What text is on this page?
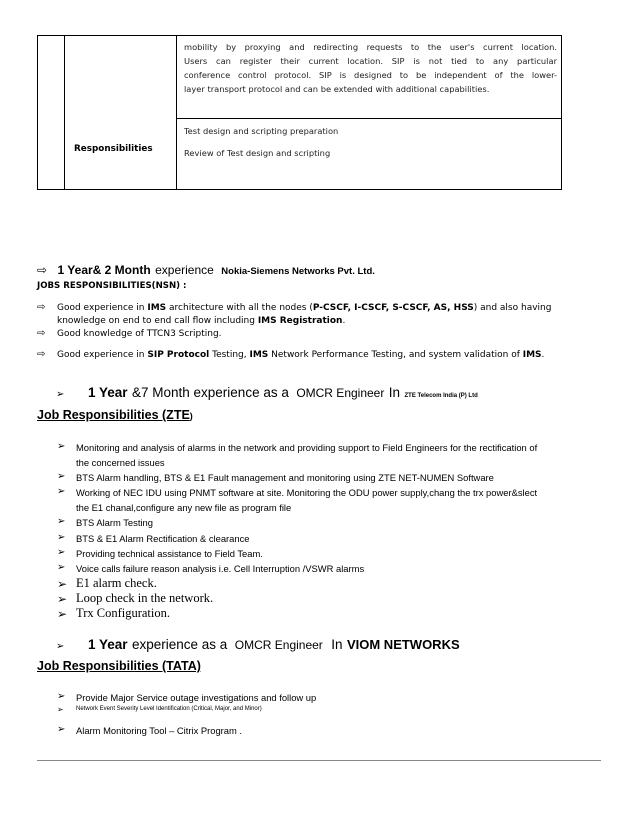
mobility by proxying and redirecting requests to the user's current location.
Users can register their current location. SIP is not tied to any particular
conference control protocol. SIP is designed to be independent of the lower-
layer transport protocol and can be extended with additional capabilities.
Responsibilities
Test design and scripting preparation
Review of Test design and scripting
⇨ 1 Year& 2 Month experience Nokia-Siemens Networks Pvt. Ltd.
JOBS RESPONSIBILITIES(NSN) :
⇨ Good experience in IMS architecture with all the nodes (P-CSCF, I-CSCF, S-CSCF, AS, HSS) and also having
knowledge on end to end call flow including IMS Registration.
⇨ Good knowledge of TTCN3 Scripting.
⇨ Good experience in SIP Protocol Testing, IMS Network Performance Testing, and system validation of IMS.
➢ 1 Year &7 Month experience as a OMCR Engineer In ZTE Telecom India (P) Ltd
Job Responsibilities (ZTE)
➢ Monitoring and analysis of alarms in the network and providing support to Field Engineers for the rectification of
the concerned issues
➢ BTS Alarm handling, BTS & E1 Fault management and monitoring using ZTE NET-NUMEN Software
➢ Working of NEC IDU using PNMT software at site. Monitoring the ODU power supply,chang the trx power&slect
the E1 chanal,configure any new file as program file
➢ BTS Alarm Testing
➢ BTS & E1 Alarm Rectification & clearance
➢ Providing technical assistance to Field Team.
➢ Voice calls failure reason analysis i.e. Cell Interruption /VSWR alarms
➢ E1 alarm check.
➢ Loop check in the network.
➢ Trx Configuration.
➢ 1 Year experience as a OMCR Engineer In VIOM NETWORKS
Job Responsibilities (TATA)
➢ Provide Major Service outage investigations and follow up
➢ Network Event Severity Level Identification (Critical, Major, and Minor)
➢ Alarm Monitoring Tool – Citrix Program .
